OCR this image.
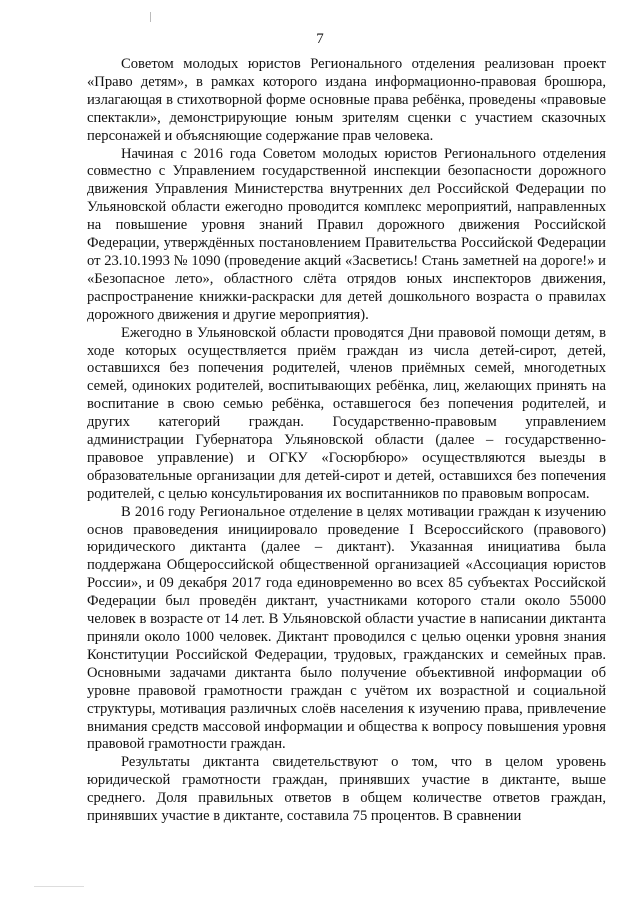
7

Советом молодых юристов Регионального отделения реализован проект «Право детям», в рамках которого издана информационно-правовая брошюра, излагающая в стихотворной форме основные права ребёнка, проведены «правовые спектакли», демонстрирующие юным зрителям сценки с участием сказочных персонажей и объясняющие содержание прав человека.

Начиная с 2016 года Советом молодых юристов Регионального отделения совместно с Управлением государственной инспекции безопасности дорожного движения Управления Министерства внутренних дел Российской Федерации по Ульяновской области ежегодно проводится комплекс мероприятий, направленных на повышение уровня знаний Правил дорожного движения Российской Федерации, утверждённых постановлением Правительства Российской Федерации от 23.10.1993 № 1090 (проведение акций «Засветись! Стань заметней на дороге!» и «Безопасное лето», областного слёта отрядов юных инспекторов движения, распространение книжки-раскраски для детей дошкольного возраста о правилах дорожного движения и другие мероприятия).

Ежегодно в Ульяновской области проводятся Дни правовой помощи детям, в ходе которых осуществляется приём граждан из числа детей-сирот, детей, оставшихся без попечения родителей, членов приёмных семей, многодетных семей, одиноких родителей, воспитывающих ребёнка, лиц, желающих принять на воспитание в свою семью ребёнка, оставшегося без попечения родителей, и других категорий граждан. Государственно-правовым управлением администрации Губернатора Ульяновской области (далее – государственно-правовое управление) и ОГКУ «Госюрбюро» осуществляются выезды в образовательные организации для детей-сирот и детей, оставшихся без попечения родителей, с целью консультирования их воспитанников по правовым вопросам.

В 2016 году Региональное отделение в целях мотивации граждан к изучению основ правоведения инициировало проведение I Всероссийского (правового) юридического диктанта (далее – диктант). Указанная инициатива была поддержана Общероссийской общественной организацией «Ассоциация юристов России», и 09 декабря 2017 года единовременно во всех 85 субъектах Российской Федерации был проведён диктант, участниками которого стали около 55000 человек в возрасте от 14 лет. В Ульяновской области участие в написании диктанта приняли около 1000 человек. Диктант проводился с целью оценки уровня знания Конституции Российской Федерации, трудовых, гражданских и семейных прав. Основными задачами диктанта было получение объективной информации об уровне правовой грамотности граждан с учётом их возрастной и социальной структуры, мотивация различных слоёв населения к изучению права, привлечение внимания средств массовой информации и общества к вопросу повышения уровня правовой грамотности граждан.

Результаты диктанта свидетельствуют о том, что в целом уровень юридической грамотности граждан, принявших участие в диктанте, выше среднего. Доля правильных ответов в общем количестве ответов граждан, принявших участие в диктанте, составила 75 процентов. В сравнении
